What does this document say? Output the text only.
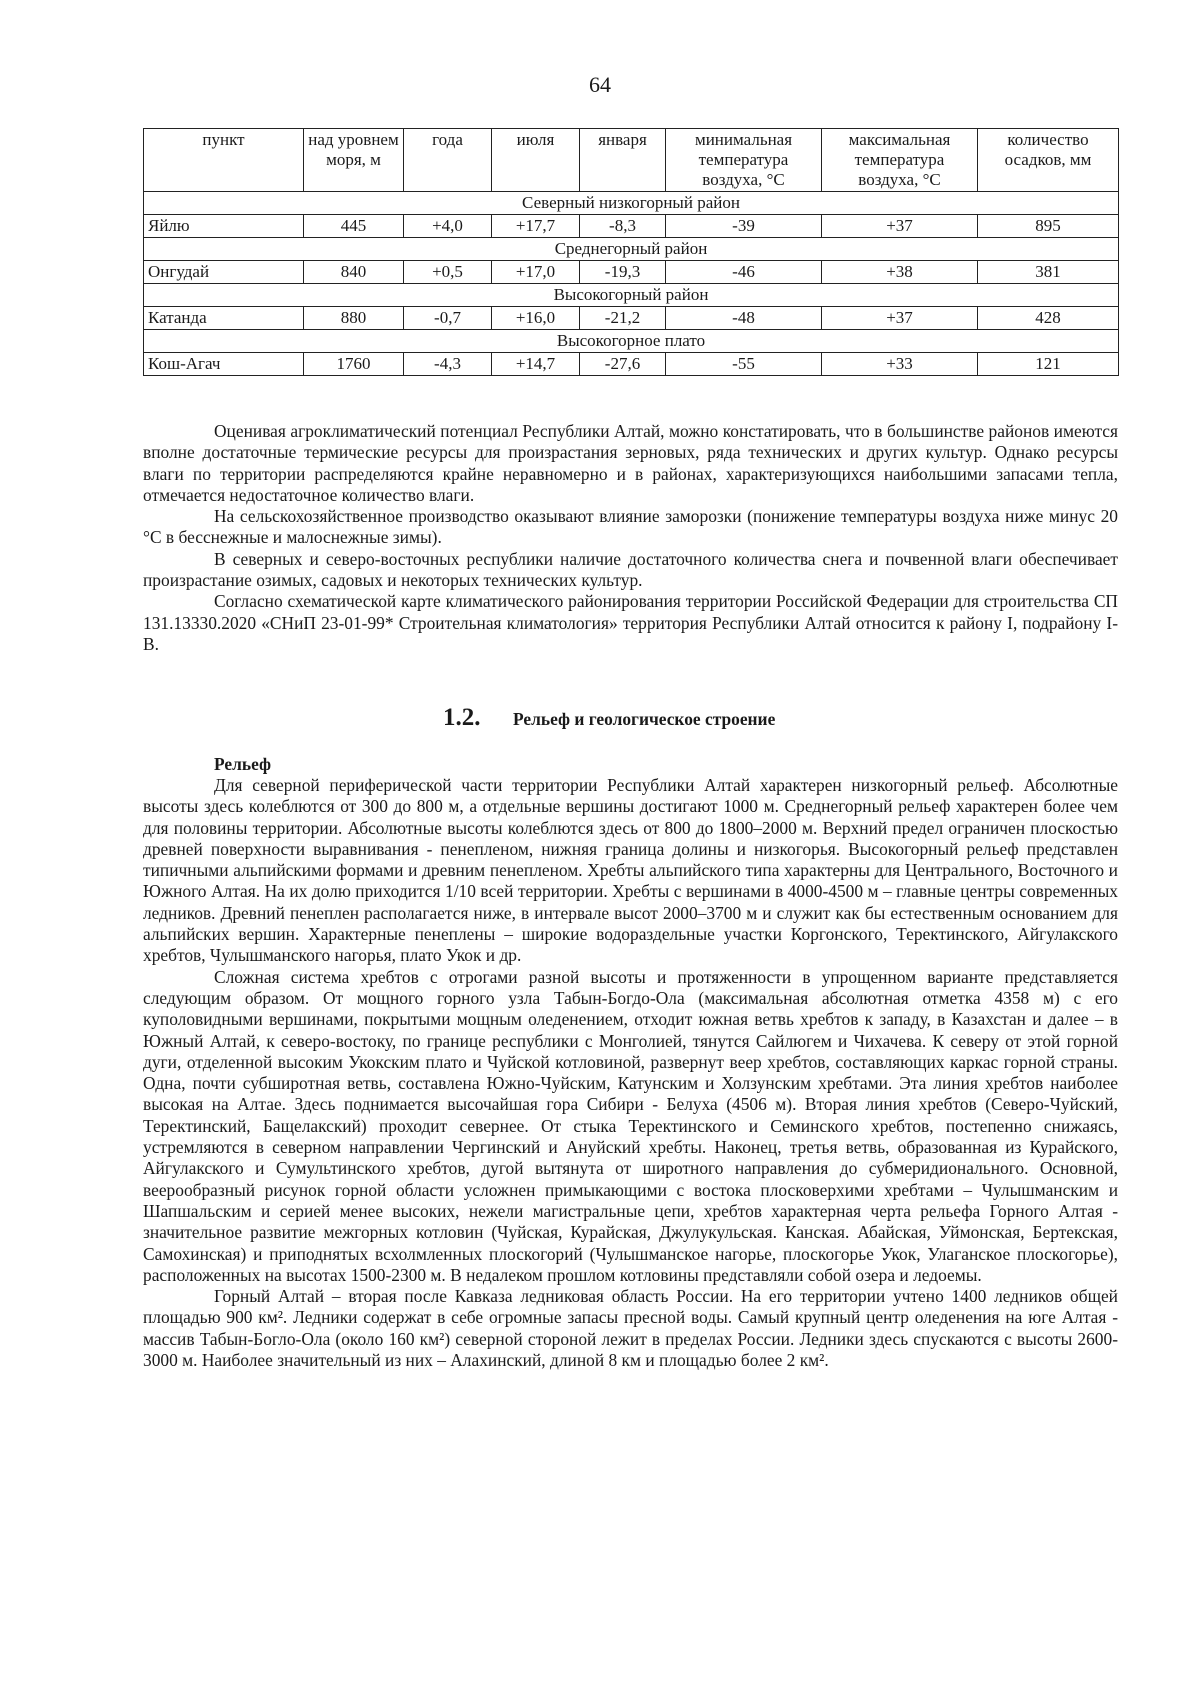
64
пункт	над уровнем моря, м	года	июля	января	минимальная температура воздуха, °C	максимальная температура воздуха, °C	количество осадков, мм
Северный низкогорный район							
Яйлю	445	+4,0	+17,7	-8,3	-39	+37	895
Среднегорный район							
Онгудай	840	+0,5	+17,0	-19,3	-46	+38	381
Высокогорный район							
Катанда	880	-0,7	+16,0	-21,2	-48	+37	428
Высокогорное плато							
Кош-Агач	1760	-4,3	+14,7	-27,6	-55	+33	121

Оценивая агроклиматический потенциал Республики Алтай, можно констатировать, что в большинстве районов имеются вполне достаточные термические ресурсы для произрастания зерновых, ряда технических и других культур. Однако ресурсы влаги по территории распределяются крайне неравномерно и в районах, характеризующихся наибольшими запасами тепла, отмечается недостаточное количество влаги.

На сельскохозяйственное производство оказывают влияние заморозки (понижение температуры воздуха ниже минус 20 °C в бесснежные и малоснежные зимы).

В северных и северо-восточных республики наличие достаточного количества снега и почвенной влаги обеспечивает произрастание озимых, садовых и некоторых технических культур.

Согласно схематической карте климатического районирования территории Российской Федерации для строительства СП 131.13330.2020 «СНиП 23-01-99* Строительная климатология» территория Республики Алтай относится к району I, подрайону I-В.

1.2. Рельеф и геологическое строение
Рельеф

Для северной периферической части территории Республики Алтай характерен низкогорный рельеф. Абсолютные высоты здесь колеблются от 300 до 800 м, а отдельные вершины достигают 1000 м. Среднегорный рельеф характерен более чем для половины территории. Абсолютные высоты колеблются здесь от 800 до 1800–2000 м. Верхний предел ограничен плоскостью древней поверхности выравнивания - пенепленом, нижняя граница долины и низкогорья. Высокогорный рельеф представлен типичными альпийскими формами и древним пенепленом. Хребты альпийского типа характерны для Центрального, Восточного и Южного Алтая. На их долю приходится 1/10 всей территории. Хребты с вершинами в 4000-4500 м – главные центры современных ледников. Древний пенеплен располагается ниже, в интервале высот 2000–3700 м и служит как бы естественным основанием для альпийских вершин. Характерные пенеплены – широкие водораздельные участки Коргонского, Теректинского, Айгулакского хребтов, Чулышманского нагорья, плато Укок и др.

Сложная система хребтов с отрогами разной высоты и протяженности в упрощенном варианте представляется следующим образом. От мощного горного узла Табын-Богдо-Ола (максимальная абсолютная отметка 4358 м) с его куполовидными вершинами, покрытыми мощным оледенением, отходит южная ветвь хребтов к западу, в Казахстан и далее – в Южный Алтай, к северо-востоку, по границе республики с Монголией, тянутся Сайлюгем и Чихачева. К северу от этой горной дуги, отделенной высоким Укокским плато и Чуйской котловиной, развернут веер хребтов, составляющих каркас горной страны. Одна, почти субширотная ветвь, составлена Южно-Чуйским, Катунским и Холзунским хребтами. Эта линия хребтов наиболее высокая на Алтае. Здесь поднимается высочайшая гора Сибири - Белуха (4506 м). Вторая линия хребтов (Северо-Чуйский, Теректинский, Бащелакский) проходит севернее. От стыка Теректинского и Семинского хребтов, постепенно снижаясь, устремляются в северном направлении Чергинский и Ануйский хребты. Наконец, третья ветвь, образованная из Курайского, Айгулакского и Сумультинского хребтов, дугой вытянута от широтного направления до субмеридионального. Основной, веерообразный рисунок горной области усложнен примыкающими с востока плосковерхими хребтами – Чулышманским и Шапшальским и серией менее высоких, нежели магистральные цепи, хребтов характерная черта рельефа Горного Алтая - значительное развитие межгорных котловин (Чуйская, Курайская, Джулукульская. Канская. Абайская, Уймонская, Бертекская, Самохинская) и приподнятых всхолмленных плоскогорий (Чулышманское нагорье, плоскогорье Укок, Улаганское плоскогорье), расположенных на высотах 1500-2300 м. В недалеком прошлом котловины представляли собой озера и ледоемы.

Горный Алтай – вторая после Кавказа ледниковая область России. На его территории учтено 1400 ледников общей площадью 900 км². Ледники содержат в себе огромные запасы пресной воды. Самый крупный центр оледенения на юге Алтая - массив Табын-Богло-Ола (около 160 км²) северной стороной лежит в пределах России. Ледники здесь спускаются с высоты 2600-3000 м. Наиболее значительный из них – Алахинский, длиной 8 км и площадью более 2 км².
